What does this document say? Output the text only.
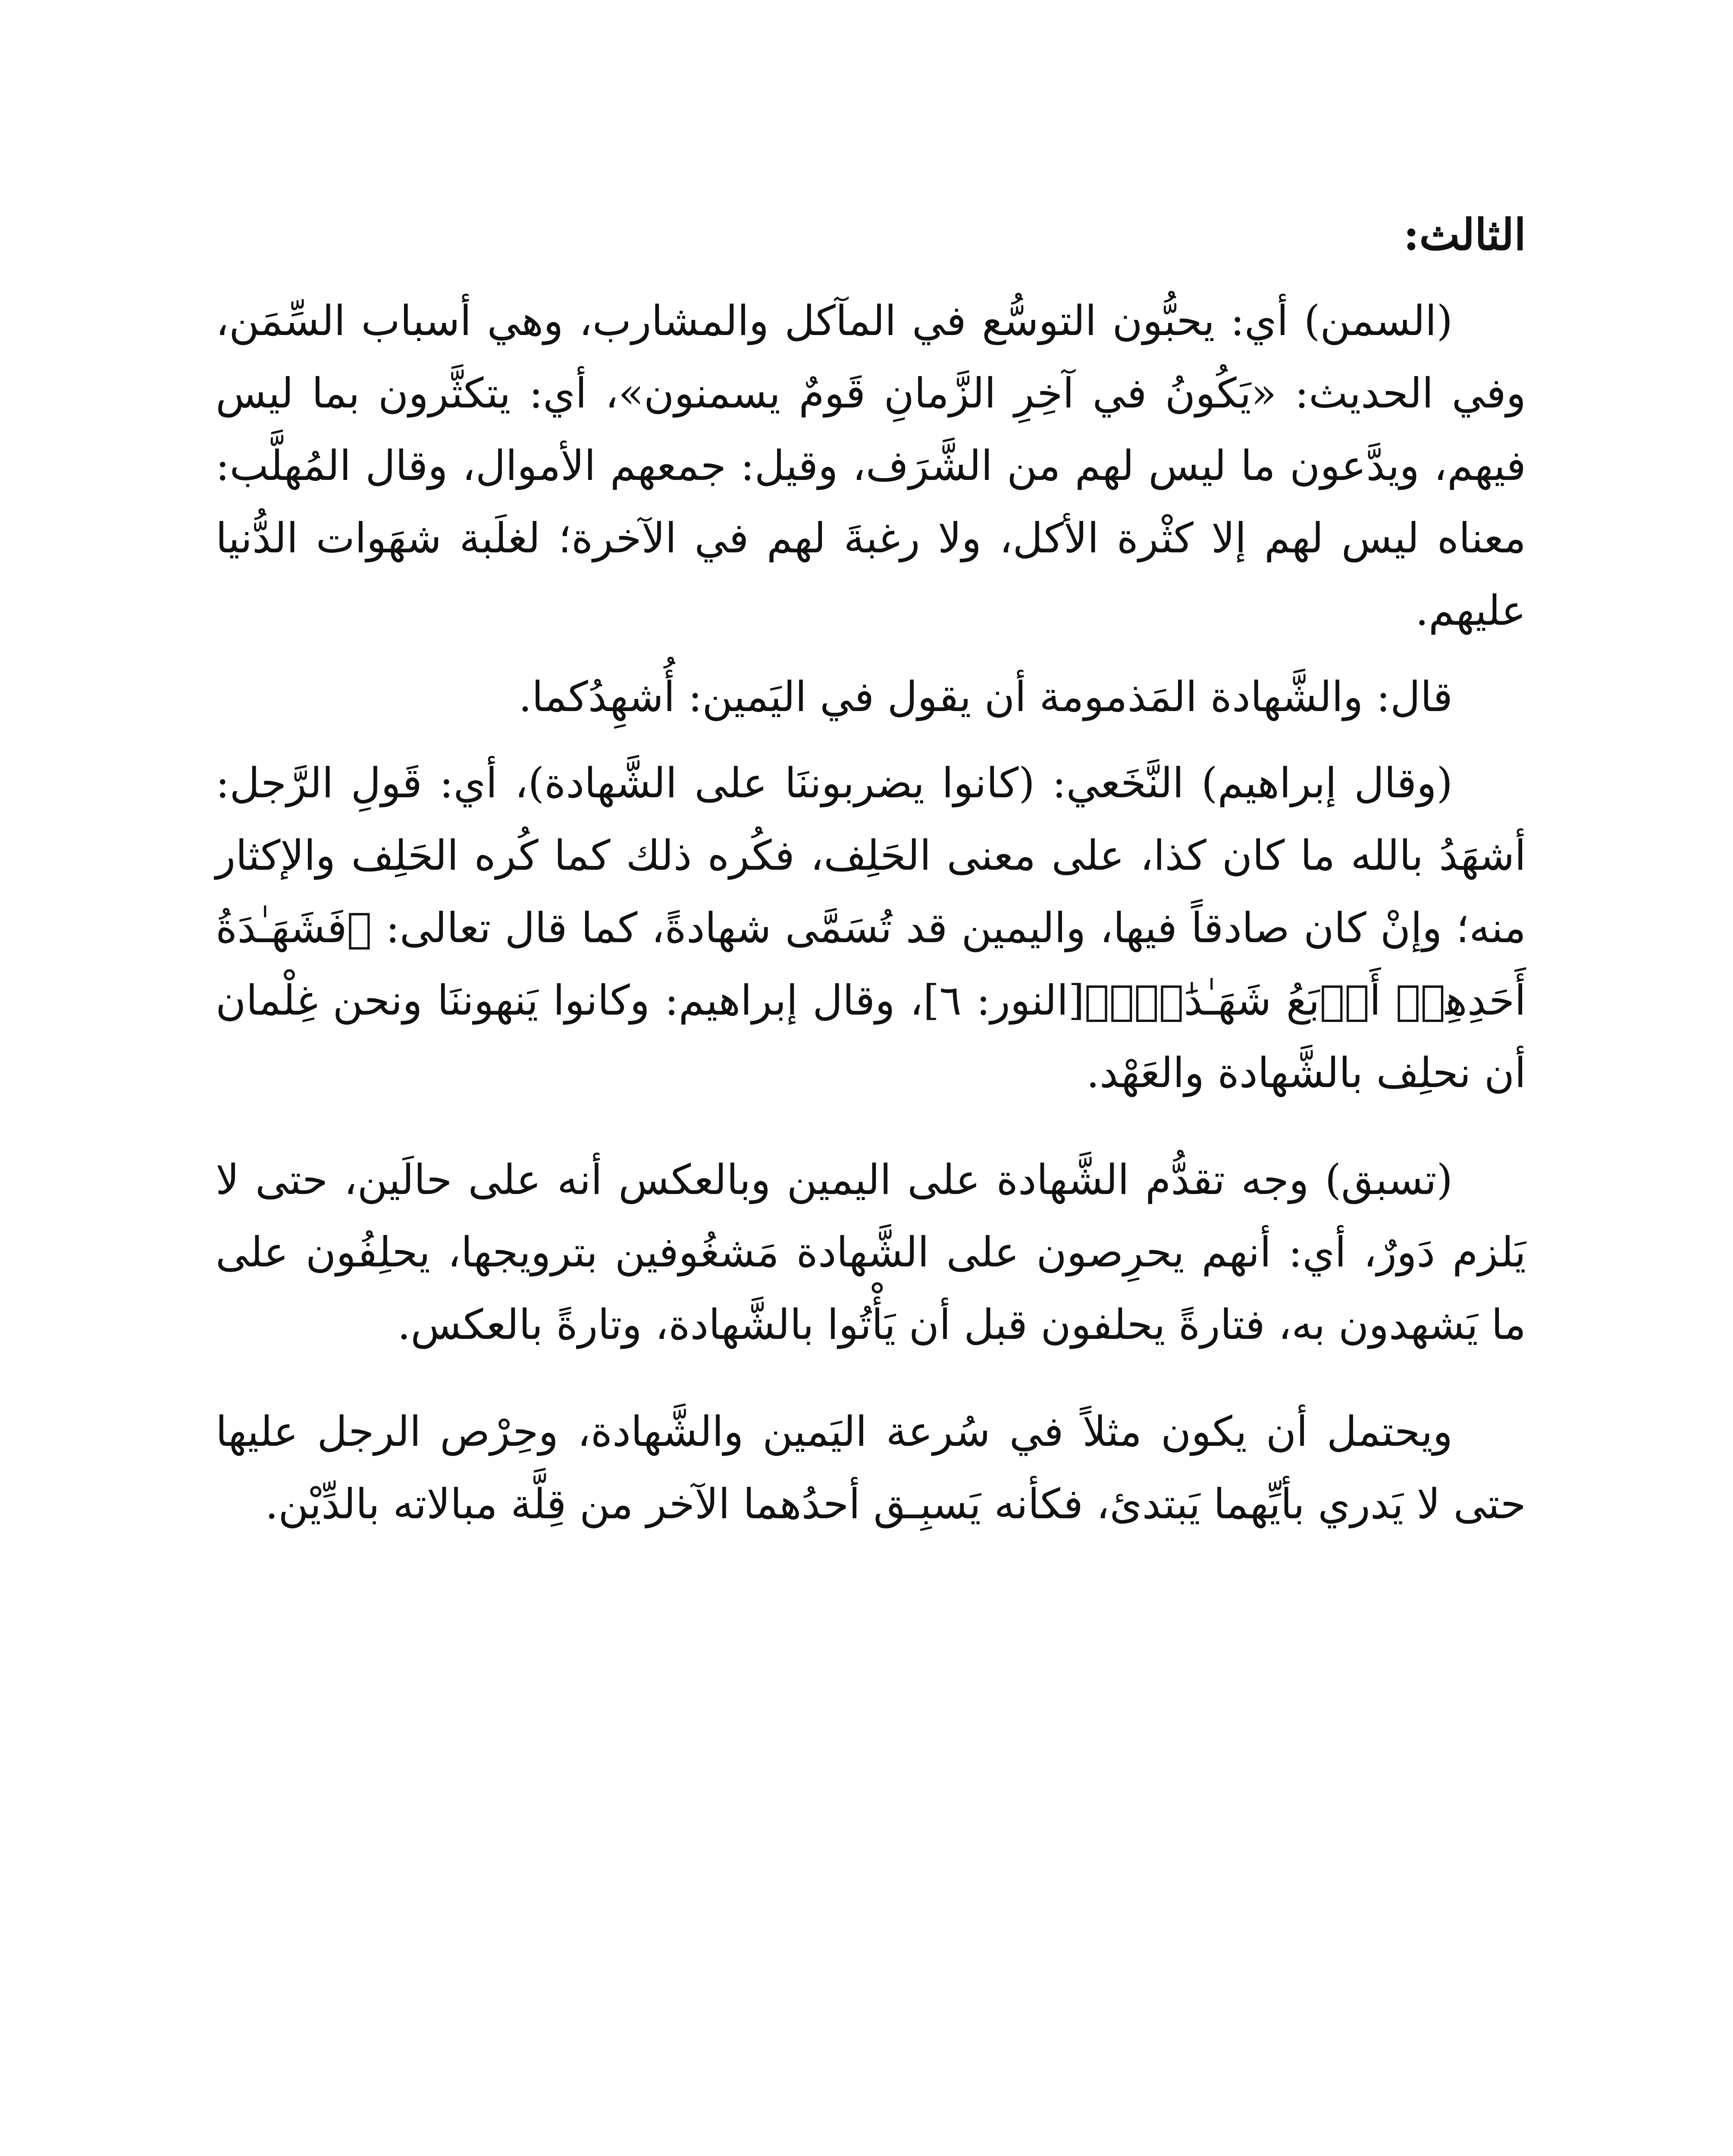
الثالث:

(السمن) أي: يحبُّون التوسُّع في المآكل والمشارب، وهي أسباب السِّمَن، وفي الحديث: «يَكُونُ في آخِرِ الزَّمانِ قَومٌ يسمنون»، أي: يتكثَّرون بما ليس فيهم، ويدَّعون ما ليس لهم من الشَّرَف، وقيل: جمعهم الأموال، وقال المُهلَّب: معناه ليس لهم إلا كثْرة الأكل، ولا رغبةَ لهم في الآخرة؛ لغلَبة شهَوات الدُّنيا عليهم.

قال: والشَّهادة المَذمومة أن يقول في اليَمين: أُشهِدُكما.

(وقال إبراهيم) النَّخَعي: (كانوا يضربوننَا على الشَّهادة)، أي: قَولِ الرَّجل: أشهَدُ بالله ما كان كذا، على معنى الحَلِف، فكُره ذلك كما كُره الحَلِف والإكثار منه؛ وإنْ كان صادقاً فيها، واليمين قد تُسَمَّى شهادةً، كما قال تعالى: ﴿فَشَهَـٰدَةُ أَحَدِهِمۡ أَرۡبَعُ شَهَـٰدَٰتِۭ﴾[النور: ٦]، وقال إبراهيم: وكانوا يَنهوننَا ونحن غِلْمان أن نحلِف بالشَّهادة والعَهْد.

(تسبق) وجه تقدُّم الشَّهادة على اليمين وبالعكس أنه على حالَين، حتى لا يَلزم دَورٌ، أي: أنهم يحرِصون على الشَّهادة مَشغُوفين بترويجها، يحلِفُون على ما يَشهدون به، فتارةً يحلفون قبل أن يَأْتُوا بالشَّهادة، وتارةً بالعكس.

ويحتمل أن يكون مثلاً في سُرعة اليَمين والشَّهادة، وحِرْص الرجل عليها حتى لا يَدري بأيِّهما يَبتدئ، فكأنه يَسبِـق أحدُهما الآخر من قِلَّة مبالاته بالدِّيْن.
